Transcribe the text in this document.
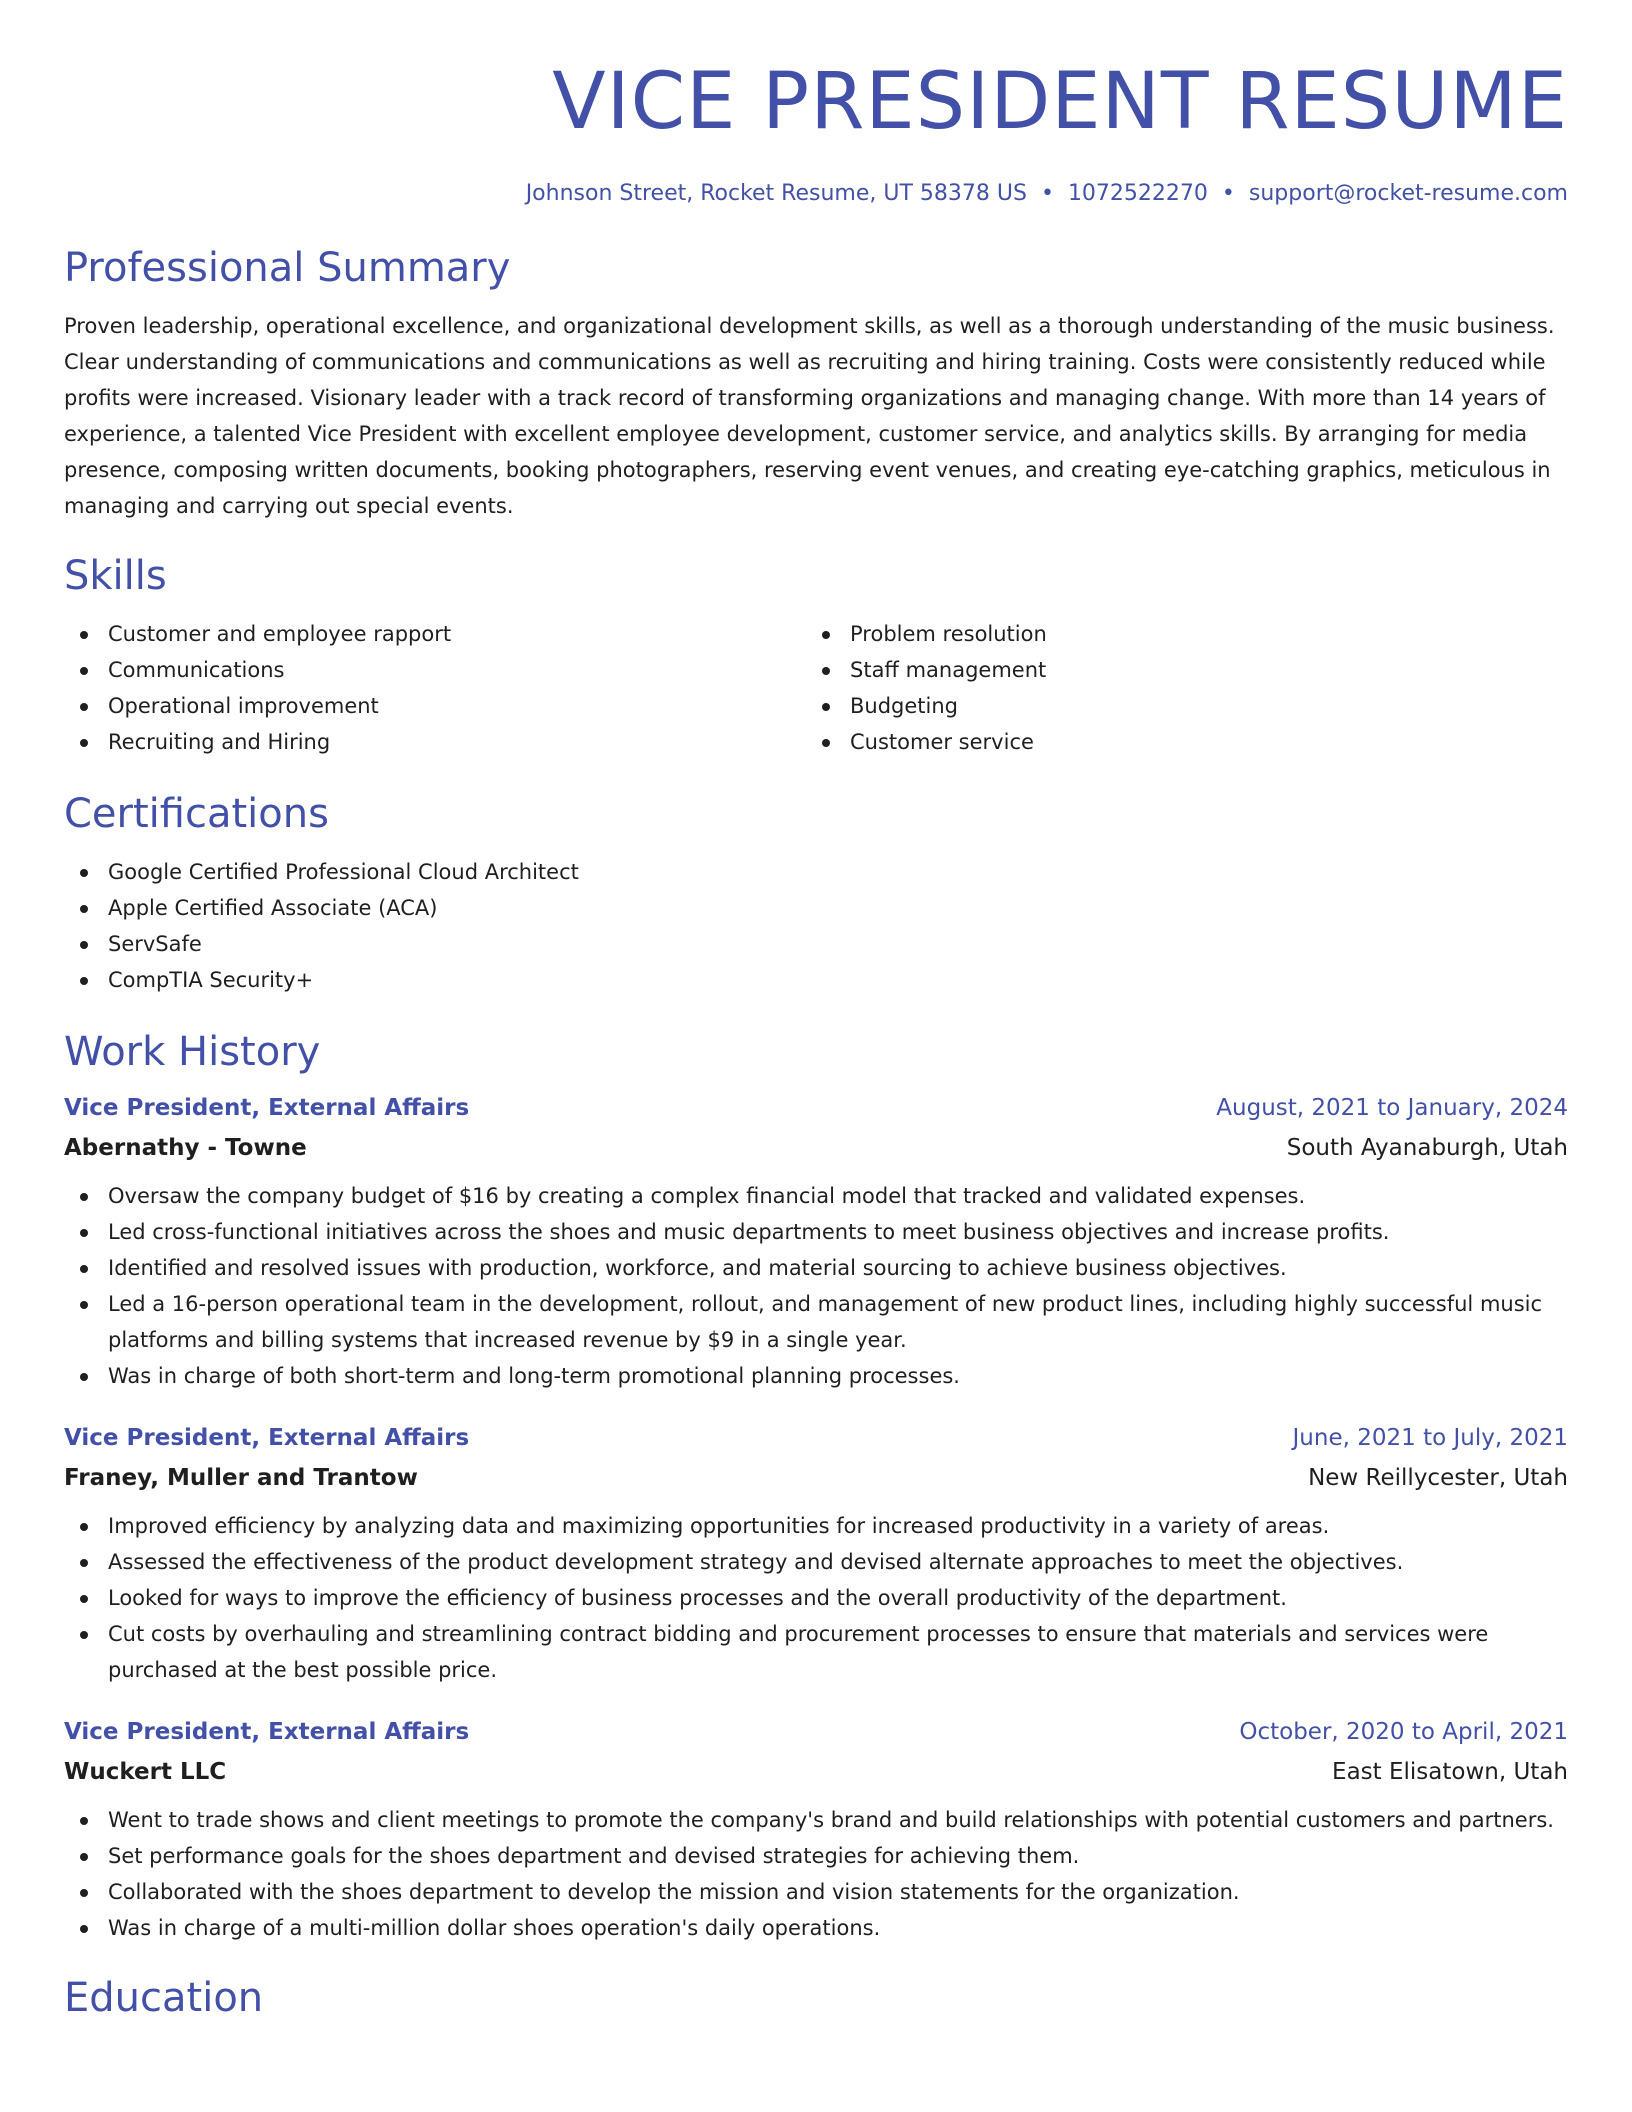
VICE PRESIDENT RESUME
Johnson Street, Rocket Resume, UT 58378 US • 1072522270 • support@rocket-resume.com
Professional Summary

Proven leadership, operational excellence, and organizational development skills, as well as a thorough understanding of the music business. Clear understanding of communications and communications as well as recruiting and hiring training. Costs were consistently reduced while profits were increased. Visionary leader with a track record of transforming organizations and managing change. With more than 14 years of experience, a talented Vice President with excellent employee development, customer service, and analytics skills. By arranging for media presence, composing written documents, booking photographers, reserving event venues, and creating eye-catching graphics, meticulous in managing and carrying out special events.

Skills
Customer and employee rapport
Communications
Operational improvement
Recruiting and Hiring
Problem resolution
Staff management
Budgeting
Customer service
Certifications
Google Certified Professional Cloud Architect
Apple Certified Associate (ACA)
ServSafe
CompTIA Security+
Work History
Vice President, External Affairs	August, 2021 to January, 2024
Abernathy - Towne	South Ayanaburgh, Utah
Oversaw the company budget of $16 by creating a complex financial model that tracked and validated expenses.
Led cross-functional initiatives across the shoes and music departments to meet business objectives and increase profits.
Identified and resolved issues with production, workforce, and material sourcing to achieve business objectives.
Led a 16-person operational team in the development, rollout, and management of new product lines, including highly successful music platforms and billing systems that increased revenue by $9 in a single year.
Was in charge of both short-term and long-term promotional planning processes.
Vice President, External Affairs	June, 2021 to July, 2021
Franey, Muller and Trantow	New Reillycester, Utah
Improved efficiency by analyzing data and maximizing opportunities for increased productivity in a variety of areas.
Assessed the effectiveness of the product development strategy and devised alternate approaches to meet the objectives.
Looked for ways to improve the efficiency of business processes and the overall productivity of the department.
Cut costs by overhauling and streamlining contract bidding and procurement processes to ensure that materials and services were purchased at the best possible price.
Vice President, External Affairs	October, 2020 to April, 2021
Wuckert LLC	East Elisatown, Utah
Went to trade shows and client meetings to promote the company's brand and build relationships with potential customers and partners.
Set performance goals for the shoes department and devised strategies for achieving them.
Collaborated with the shoes department to develop the mission and vision statements for the organization.
Was in charge of a multi-million dollar shoes operation's daily operations.
Education
